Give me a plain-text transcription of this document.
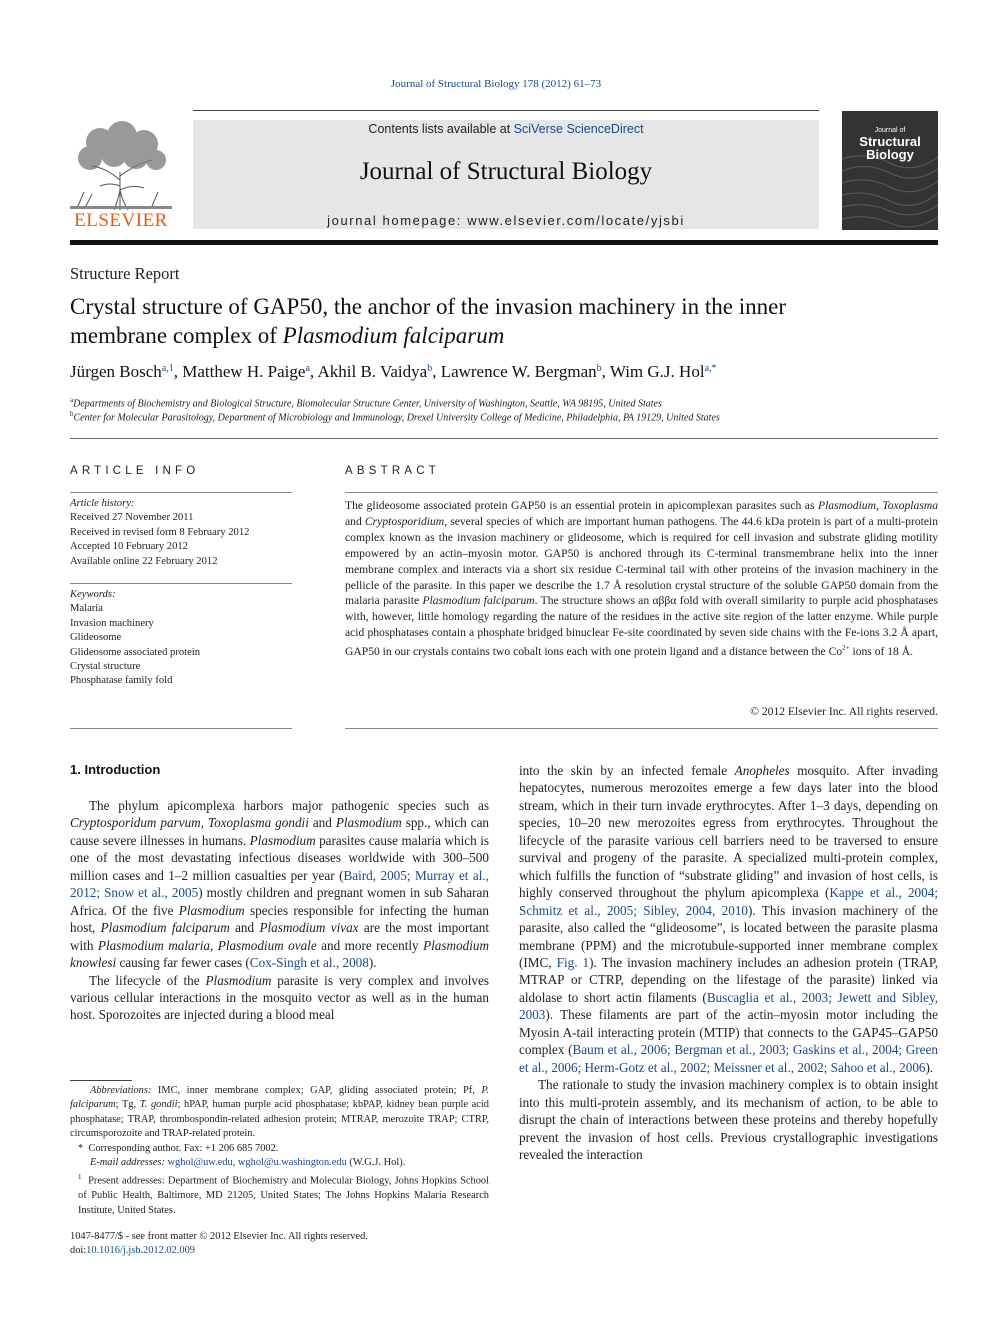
Journal of Structural Biology 178 (2012) 61–73
ELSEVIER
Contents lists available at SciVerse ScienceDirect
Journal of Structural Biology
journal homepage: www.elsevier.com/locate/yjsbi
Journal of
Structural
Biology
Structure Report
Crystal structure of GAP50, the anchor of the invasion machinery in the inner
membrane complex of Plasmodium falciparum
Jürgen Bosch$^{a,1}$, Matthew H. Paige$^a$, Akhil B. Vaidya$^b$, Lawrence W. Bergman$^b$, Wim G.J. Hol$^{a,*}$
$^a$Departments of Biochemistry and Biological Structure, Biomolecular Structure Center, University of Washington, Seattle, WA 98195, United States
$^b$Center for Molecular Parasitology, Department of Microbiology and Immunology, Drexel University College of Medicine, Philadelphia, PA 19129, United States
ARTICLE INFO
Article history:
Received 27 November 2011
Received in revised form 8 February 2012
Accepted 10 February 2012
Available online 22 February 2012
Keywords:
Malaria
Invasion machinery
Glideosome
Glideosome associated protein
Crystal structure
Phosphatase family fold
ABSTRACT
The glideosome associated protein GAP50 is an essential protein in apicomplexan parasites such as Plasmodium, Toxoplasma and Cryptosporidium, several species of which are important human pathogens. The 44.6 kDa protein is part of a multi-protein complex known as the invasion machinery or glideosome, which is required for cell invasion and substrate gliding motility empowered by an actin–myosin motor. GAP50 is anchored through its C-terminal transmembrane helix into the inner membrane complex and interacts via a short six residue C-terminal tail with other proteins of the invasion machinery in the pellicle of the parasite. In this paper we describe the 1.7 Å resolution crystal structure of the soluble GAP50 domain from the malaria parasite Plasmodium falciparum. The structure shows an αββα fold with overall similarity to purple acid phosphatases with, however, little homology regarding the nature of the residues in the active site region of the latter enzyme. While purple acid phosphatases contain a phosphate bridged binuclear Fe-site coordinated by seven side chains with the Fe-ions 3.2 Å apart, GAP50 in our crystals contains two cobalt ions each with one protein ligand and a distance between the $Co^{2+}$ ions of 18 Å.
© 2012 Elsevier Inc. All rights reserved.
1. Introduction

The phylum apicomplexa harbors major pathogenic species such as Cryptosporidum parvum, Toxoplasma gondii and Plasmodium spp., which can cause severe illnesses in humans. Plasmodium parasites cause malaria which is one of the most devastating infectious diseases worldwide with 300–500 million cases and 1–2 million casualties per year (Baird, 2005; Murray et al., 2012; Snow et al., 2005) mostly children and pregnant women in sub Saharan Africa. Of the five Plasmodium species responsible for infecting the human host, Plasmodium falciparum and Plasmodium vivax are the most important with Plasmodium malaria, Plasmodium ovale and more recently Plasmodium knowlesi causing far fewer cases (Cox-Singh et al., 2008).

The lifecycle of the Plasmodium parasite is very complex and involves various cellular interactions in the mosquito vector as well as in the human host. Sporozoites are injected during a blood meal

Abbreviations: IMC, inner membrane complex; GAP, gliding associated protein; Pf, P. falciparum; Tg, T. gondii; hPAP, human purple acid phosphatase; kbPAP, kidney bean purple acid phosphatase; TRAP, thrombospondin-related adhesion protein; MTRAP, merozoite TRAP; CTRP, circumsporozoite and TRAP-related protein.
*  Corresponding author. Fax: +1 206 685 7002.
E-mail addresses: wghol@uw.edu, wghol@u.washington.edu (W.G.J. Hol).
$^1$ Present addresses: Department of Biochemistry and Molecular Biology, Johns Hopkins School of Public Health, Baltimore, MD 21205, United States; The Johns Hopkins Malaria Research Institute, United States.
1047-8477/$ - see front matter © 2012 Elsevier Inc. All rights reserved.
doi:10.1016/j.jsb.2012.02.009
into the skin by an infected female Anopheles mosquito. After invading hepatocytes, numerous merozoites emerge a few days later into the blood stream, which in their turn invade erythrocytes. After 1–3 days, depending on species, 10–20 new merozoites egress from erythrocytes. Throughout the lifecycle of the parasite various cell barriers need to be traversed to ensure survival and progeny of the parasite. A specialized multi-protein complex, which fulfills the function of “substrate gliding” and invasion of host cells, is highly conserved throughout the phylum apicomplexa (Kappe et al., 2004; Schmitz et al., 2005; Sibley, 2004, 2010). This invasion machinery of the parasite, also called the “glideosome”, is located between the parasite plasma membrane (PPM) and the microtubule-supported inner membrane complex (IMC, Fig. 1). The invasion machinery includes an adhesion protein (TRAP, MTRAP or CTRP, depending on the lifestage of the parasite) linked via aldolase to short actin filaments (Buscaglia et al., 2003; Jewett and Sibley, 2003). These filaments are part of the actin–myosin motor including the Myosin A-tail interacting protein (MTIP) that connects to the GAP45–GAP50 complex (Baum et al., 2006; Bergman et al., 2003; Gaskins et al., 2004; Green et al., 2006; Herm-Gotz et al., 2002; Meissner et al., 2002; Sahoo et al., 2006).

The rationale to study the invasion machinery complex is to obtain insight into this multi-protein assembly, and its mechanism of action, to be able to disrupt the chain of interactions between these proteins and thereby hopefully prevent the invasion of host cells. Previous crystallographic investigations revealed the interaction
